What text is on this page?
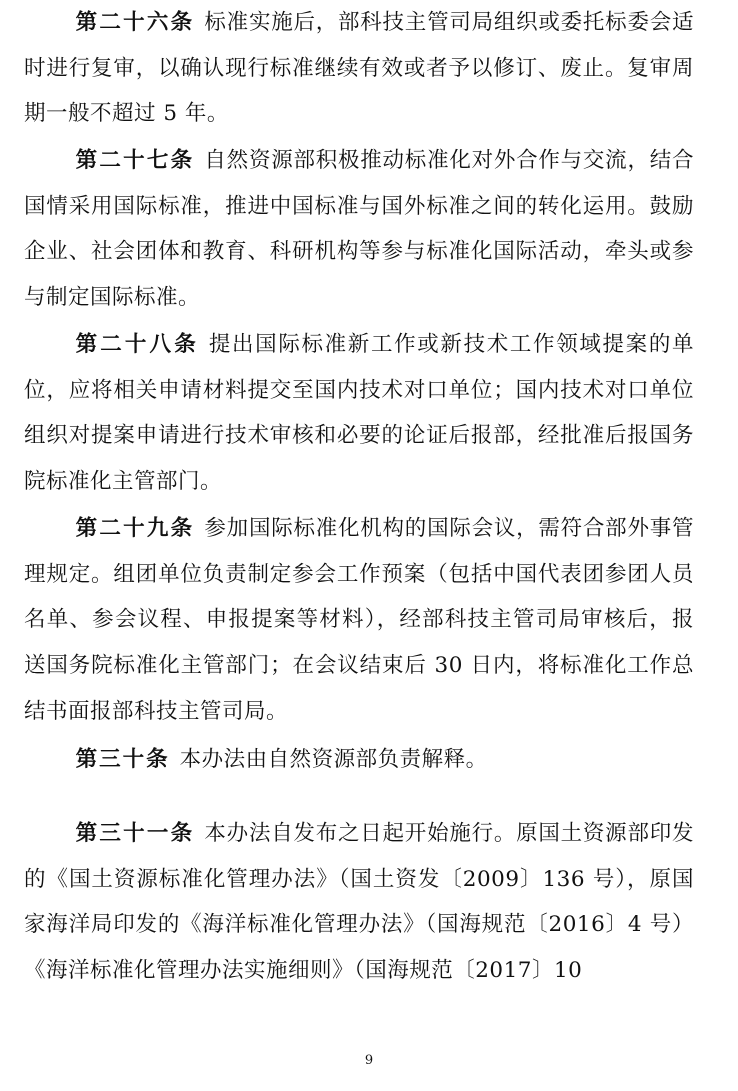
第二十六条 标准实施后，部科技主管司局组织或委托标委会适时进行复审，以确认现行标准继续有效或者予以修订、废止。复审周期一般不超过 5 年。

第二十七条 自然资源部积极推动标准化对外合作与交流，结合国情采用国际标准，推进中国标准与国外标准之间的转化运用。鼓励企业、社会团体和教育、科研机构等参与标准化国际活动，牵头或参与制定国际标准。

第二十八条 提出国际标准新工作或新技术工作领域提案的单位，应将相关申请材料提交至国内技术对口单位；国内技术对口单位组织对提案申请进行技术审核和必要的论证后报部，经批准后报国务院标准化主管部门。

第二十九条 参加国际标准化机构的国际会议，需符合部外事管理规定。组团单位负责制定参会工作预案（包括中国代表团参团人员名单、参会议程、申报提案等材料），经部科技主管司局审核后，报送国务院标准化主管部门；在会议结束后 30 日内，将标准化工作总结书面报部科技主管司局。

第三十条 本办法由自然资源部负责解释。

第三十一条 本办法自发布之日起开始施行。原国土资源部印发的《国土资源标准化管理办法》（国土资发〔2009〕136 号），原国家海洋局印发的《海洋标准化管理办法》（国海规范〔2016〕4 号）《海洋标准化管理办法实施细则》（国海规范〔2017〕10

9
